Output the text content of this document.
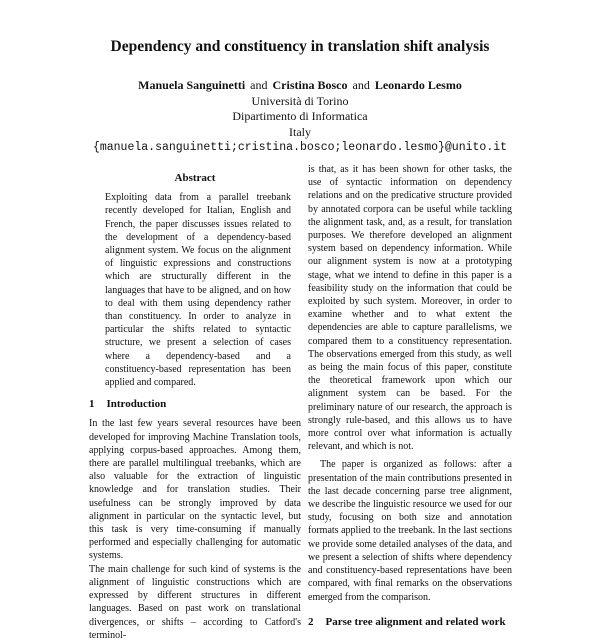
Dependency and constituency in translation shift analysis
Manuela Sanguinetti and Cristina Bosco and Leonardo Lesmo
Università di Torino
Dipartimento di Informatica
Italy
{manuela.sanguinetti;cristina.bosco;leonardo.lesmo}@unito.it
Abstract

Exploiting data from a parallel treebank recently developed for Italian, English and French, the paper discusses issues related to the development of a dependency-based alignment system. We focus on the alignment of linguistic expressions and constructions which are structurally different in the languages that have to be aligned, and on how to deal with them using dependency rather than constituency. In order to analyze in particular the shifts related to syntactic structure, we present a selection of cases where a dependency-based and a constituency-based representation has been applied and compared.

1 Introduction

In the last few years several resources have been developed for improving Machine Translation tools, applying corpus-based approaches. Among them, there are parallel multilingual treebanks, which are also valuable for the extraction of linguistic knowledge and for translation studies. Their usefulness can be strongly improved by data alignment in particular on the syntactic level, but this task is very time-consuming if manually performed and especially challenging for automatic systems.

The main challenge for such kind of systems is the alignment of linguistic constructions which are expressed by different structures in different languages. Based on past work on translational divergences, or shifts – according to Catford's terminol-

is that, as it has been shown for other tasks, the use of syntactic information on dependency relations and on the predicative structure provided by annotated corpora can be useful while tackling the alignment task, and, as a result, for translation purposes. We therefore developed an alignment system based on dependency information. While our alignment system is now at a prototyping stage, what we intend to define in this paper is a feasibility study on the information that could be exploited by such system. Moreover, in order to examine whether and to what extent the dependencies are able to capture parallelisms, we compared them to a constituency representation. The observations emerged from this study, as well as being the main focus of this paper, constitute the theoretical framework upon which our alignment system can be based. For the preliminary nature of our research, the approach is strongly rule-based, and this allows us to have more control over what information is actually relevant, and which is not.

The paper is organized as follows: after a presentation of the main contributions presented in the last decade concerning parse tree alignment, we describe the linguistic resource we used for our study, focusing on both size and annotation formats applied to the treebank. In the last sections we provide some detailed analyses of the data, and we present a selection of shifts where dependency and constituency-based representations have been compared, with final remarks on the observations emerged from the comparison.

2 Parse tree alignment and related work
